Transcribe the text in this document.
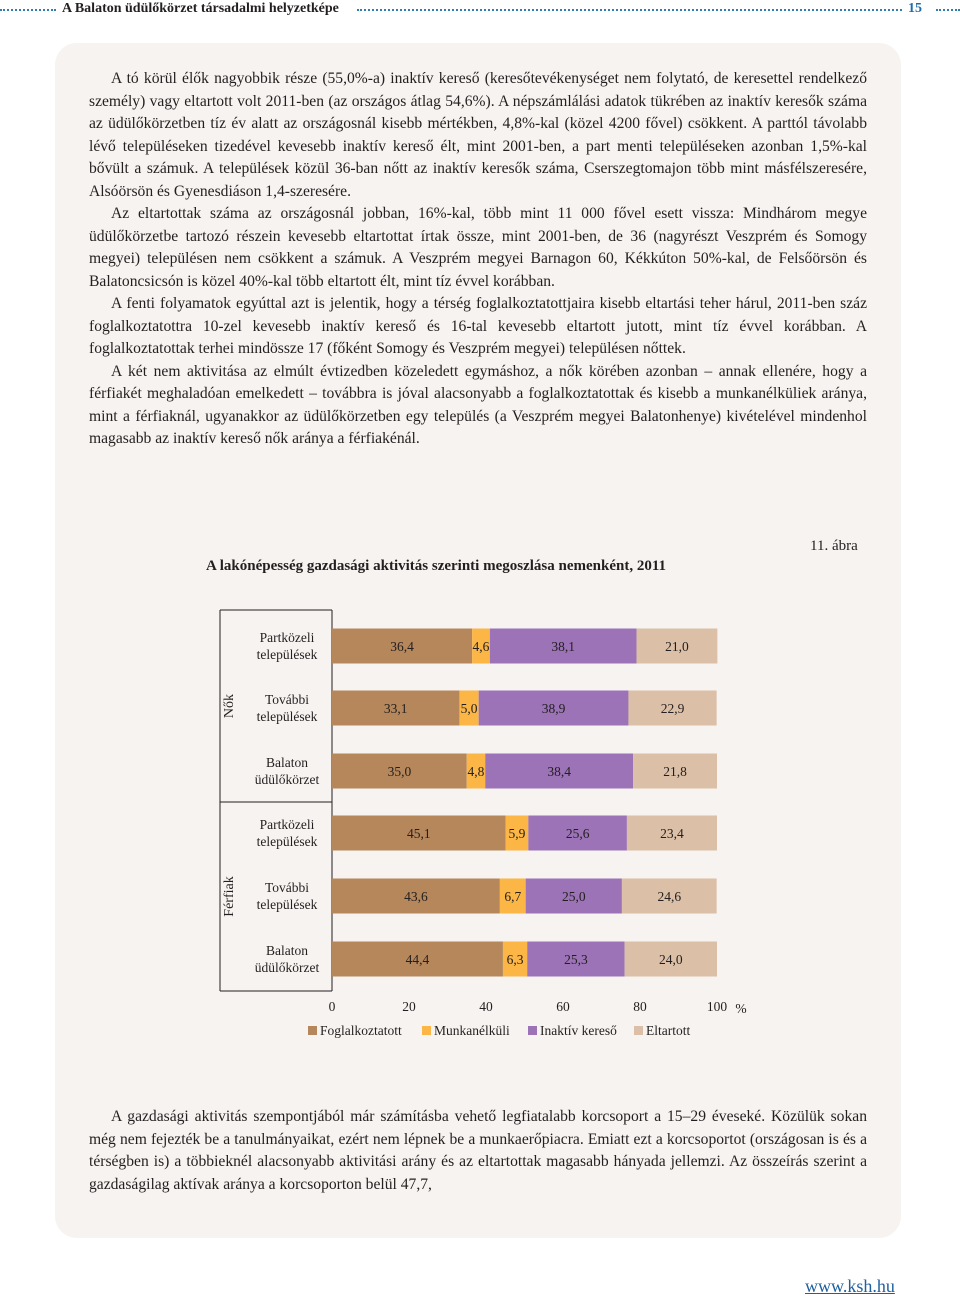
A Balaton üdülőkörzet társadalmi helyzetképe	15

A tó körül élők nagyobbik része (55,0%-a) inaktív kereső (keresőtevékenységet nem folytató, de keresettel rendelkező személy) vagy eltartott volt 2011-ben (az országos átlag 54,6%). A népszámlálási adatok tükrében az inaktív keresők száma az üdülőkörzetben tíz év alatt az országosnál kisebb mértékben, 4,8%-kal (közel 4200 fővel) csökkent. A parttól távolabb lévő településeken tizedével kevesebb inaktív kereső élt, mint 2001-ben, a part menti településeken azonban 1,5%-kal bővült a számuk. A települések közül 36-ban nőtt az inaktív keresők száma, Cserszegtomajon több mint másfélszeresére, Alsóörsön és Gyenesdiáson 1,4-szeresére.

Az eltartottak száma az országosnál jobban, 16%-kal, több mint 11 000 fővel esett vissza: Mindhárom megye üdülőkörzetbe tartozó részein kevesebb eltartottat írtak össze, mint 2001-ben, de 36 (nagyrészt Veszprém és Somogy megyei) településen nem csökkent a számuk. A Veszprém megyei Barnagon 60, Kékkúton 50%-kal, de Felsőörsön és Balatoncsicsón is közel 40%-kal több eltartott élt, mint tíz évvel korábban.

A fenti folyamatok egyúttal azt is jelentik, hogy a térség foglalkoztatottjaira kisebb eltartási teher hárul, 2011-ben száz foglalkoztatottra 10-zel kevesebb inaktív kereső és 16-tal kevesebb eltartott jutott, mint tíz évvel korábban. A foglalkoztatottak terhei mindössze 17 (főként Somogy és Veszprém megyei) településen nőttek.

A két nem aktivitása az elmúlt évtizedben közeledett egymáshoz, a nők körében azonban – annak ellenére, hogy a férfiakét meghaladóan emelkedett – továbbra is jóval alacsonyabb a foglalkoztatottak és kisebb a munkanélküliek aránya, mint a férfiaknál, ugyanakkor az üdülőkörzetben egy település (a Veszprém megyei Balatonhenye) kivételével mindenhol magasabb az inaktív kereső nők aránya a férfiakénál.

11. ábra
A lakónépesség gazdasági aktivitás szerinti megoszlása nemenként, 2011
Nők
Férfiak
Partközeli
települések
További
települések
Balaton
üdülőkörzet
Partközeli
települések
További
települések
Balaton
üdülőkörzet
36,4	4,6	38,1	21,0
33,1	5,0	38,9	22,9
35,0	4,8	38,4	21,8
45,1	5,9	25,6	23,4
43,6	6,7	25,0	24,6
44,4	6,3	25,3	24,0
0	20	40	60	80	100 %
Foglalkoztatott Munkanélküli Inaktív kereső Eltartott

A gazdasági aktivitás szempontjából már számításba vehető legfiatalabb korcsoport a 15–29 éveseké. Közülük sokan még nem fejezték be a tanulmányaikat, ezért nem lépnek be a munkaerőpiacra. Emiatt ezt a korcsoportot (országosan is és a térségben is) a többieknél alacsonyabb aktivitási arány és az eltartottak magasabb hányada jellemzi. Az összeírás szerint a gazdaságilag aktívak aránya a korcsoporton belül 47,7,

www.ksh.hu
